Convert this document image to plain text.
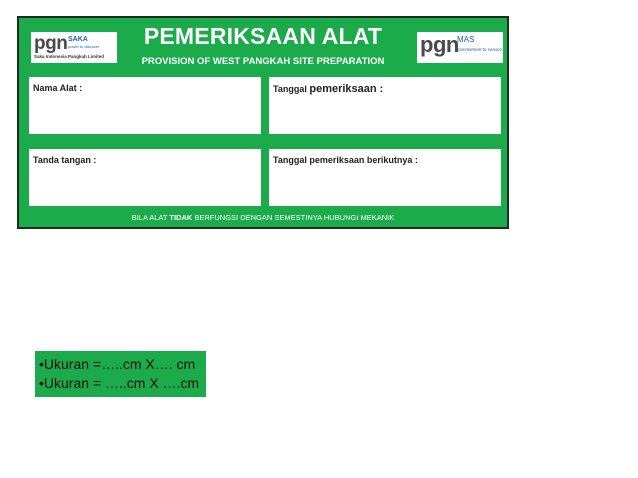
pgn SAKA
power to discover
Saka Indonesia Pangkah Limited
PEMERIKSAAN ALAT
PROVISION OF WEST PANGKAH SITE PREPARATION
pgn
MAS
commitment to service
Nama Alat :	Tanggal pemeriksaan :
Tanda tangan :	Tanggal pemeriksaan berikutnya :
BILA ALAT TIDAK BERFUNGSI DENGAN SEMESTINYA HUBUNGI MEKANIK
•Ukuran =…..cm X…. cm
•Ukuran = …..cm X ….cm
